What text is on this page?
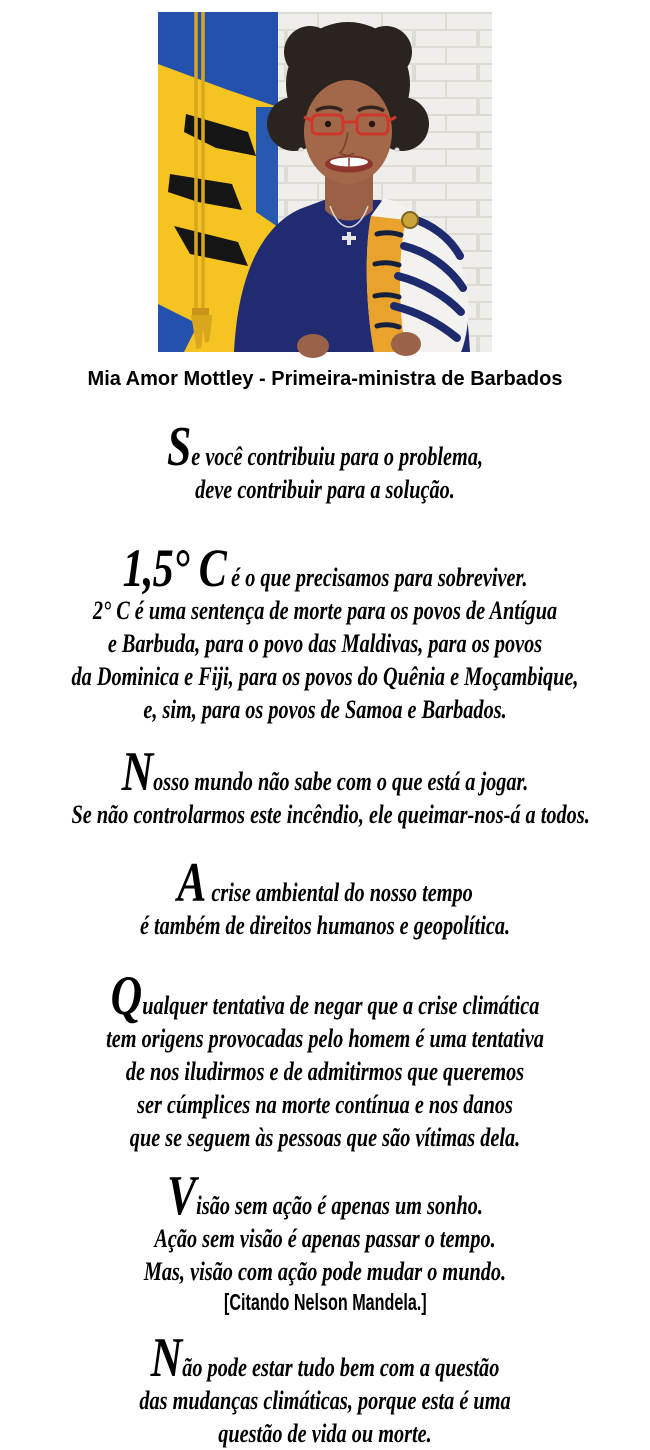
Mia Amor Mottley - Primeira-ministra de Barbados
Se você contribuiu para o problema,
deve contribuir para a solução.
1,5° C é o que precisamos para sobreviver.
2° C é uma sentença de morte para os povos de Antígua
e Barbuda, para o povo das Maldivas, para os povos
da Dominica e Fiji, para os povos do Quênia e Moçambique,
e, sim, para os povos de Samoa e Barbados.
Nosso mundo não sabe com o que está a jogar.
Se não controlarmos este incêndio, ele queimar-nos-á a todos.
A crise ambiental do nosso tempo
é também de direitos humanos e geopolítica.
Qualquer tentativa de negar que a crise climática
tem origens provocadas pelo homem é uma tentativa
de nos iludirmos e de admitirmos que queremos
ser cúmplices na morte contínua e nos danos
que se seguem às pessoas que são vítimas dela.
Visão sem ação é apenas um sonho.
Ação sem visão é apenas passar o tempo.
Mas, visão com ação pode mudar o mundo.
[Citando Nelson Mandela.]
Não pode estar tudo bem com a questão
das mudanças climáticas, porque esta é uma
questão de vida ou morte.
